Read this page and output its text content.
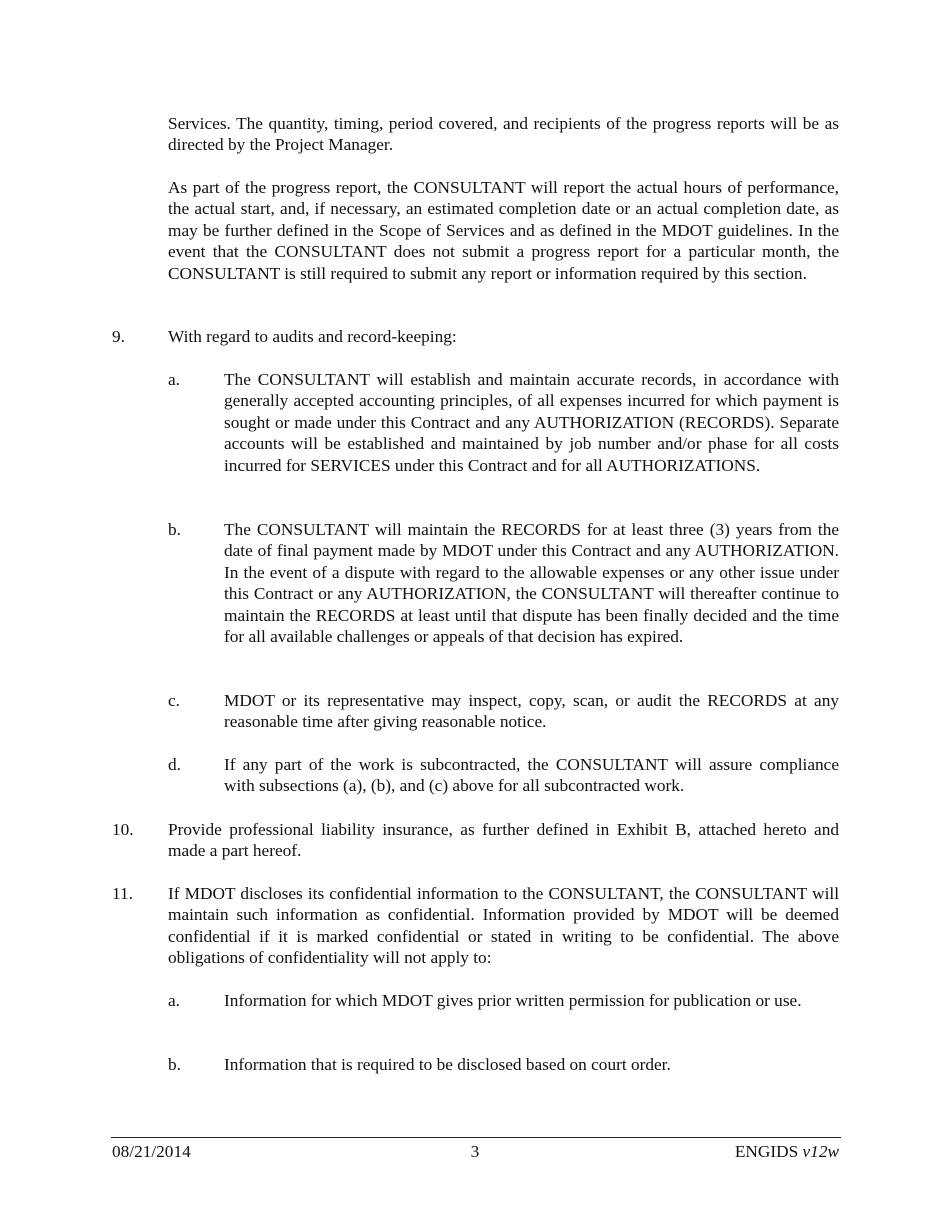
Services. The quantity, timing, period covered, and recipients of the progress reports will be as directed by the Project Manager.

As part of the progress report, the CONSULTANT will report the actual hours of performance, the actual start, and, if necessary, an estimated completion date or an actual completion date, as may be further defined in the Scope of Services and as defined in the MDOT guidelines. In the event that the CONSULTANT does not submit a progress report for a particular month, the CONSULTANT is still required to submit any report or information required by this section.

9. With regard to audits and record-keeping:

a.	The CONSULTANT will establish and maintain accurate records, in accordance with generally accepted accounting principles, of all expenses incurred for which payment is sought or made under this Contract and any AUTHORIZATION (RECORDS). Separate accounts will be established and maintained by job number and/or phase for all costs incurred for SERVICES under this Contract and for all AUTHORIZATIONS.

b. The CONSULTANT will maintain the RECORDS for at least three (3) years from the date of final payment made by MDOT under this Contract and any AUTHORIZATION. In the event of a dispute with regard to the allowable expenses or any other issue under this Contract or any AUTHORIZATION, the CONSULTANT will thereafter continue to maintain the RECORDS at least until that dispute has been finally decided and the time for all available challenges or appeals of that decision has expired.

c.	MDOT or its representative may inspect, copy, scan, or audit the RECORDS at any reasonable time after giving reasonable notice.

d. If any part of the work is subcontracted, the CONSULTANT will assure compliance with subsections (a), (b), and (c) above for all subcontracted work.

10. Provide professional liability insurance, as further defined in Exhibit B, attached hereto and made a part hereof.

11. If MDOT discloses its confidential information to the CONSULTANT, the CONSULTANT will maintain such information as confidential. Information provided by MDOT will be deemed confidential if it is marked confidential or stated in writing to be confidential. The above obligations of confidentiality will not apply to:

a.	Information for which MDOT gives prior written permission for publication or use.

b. Information that is required to be disclosed based on court order.

08/21/2014	3	ENGIDS v12w
